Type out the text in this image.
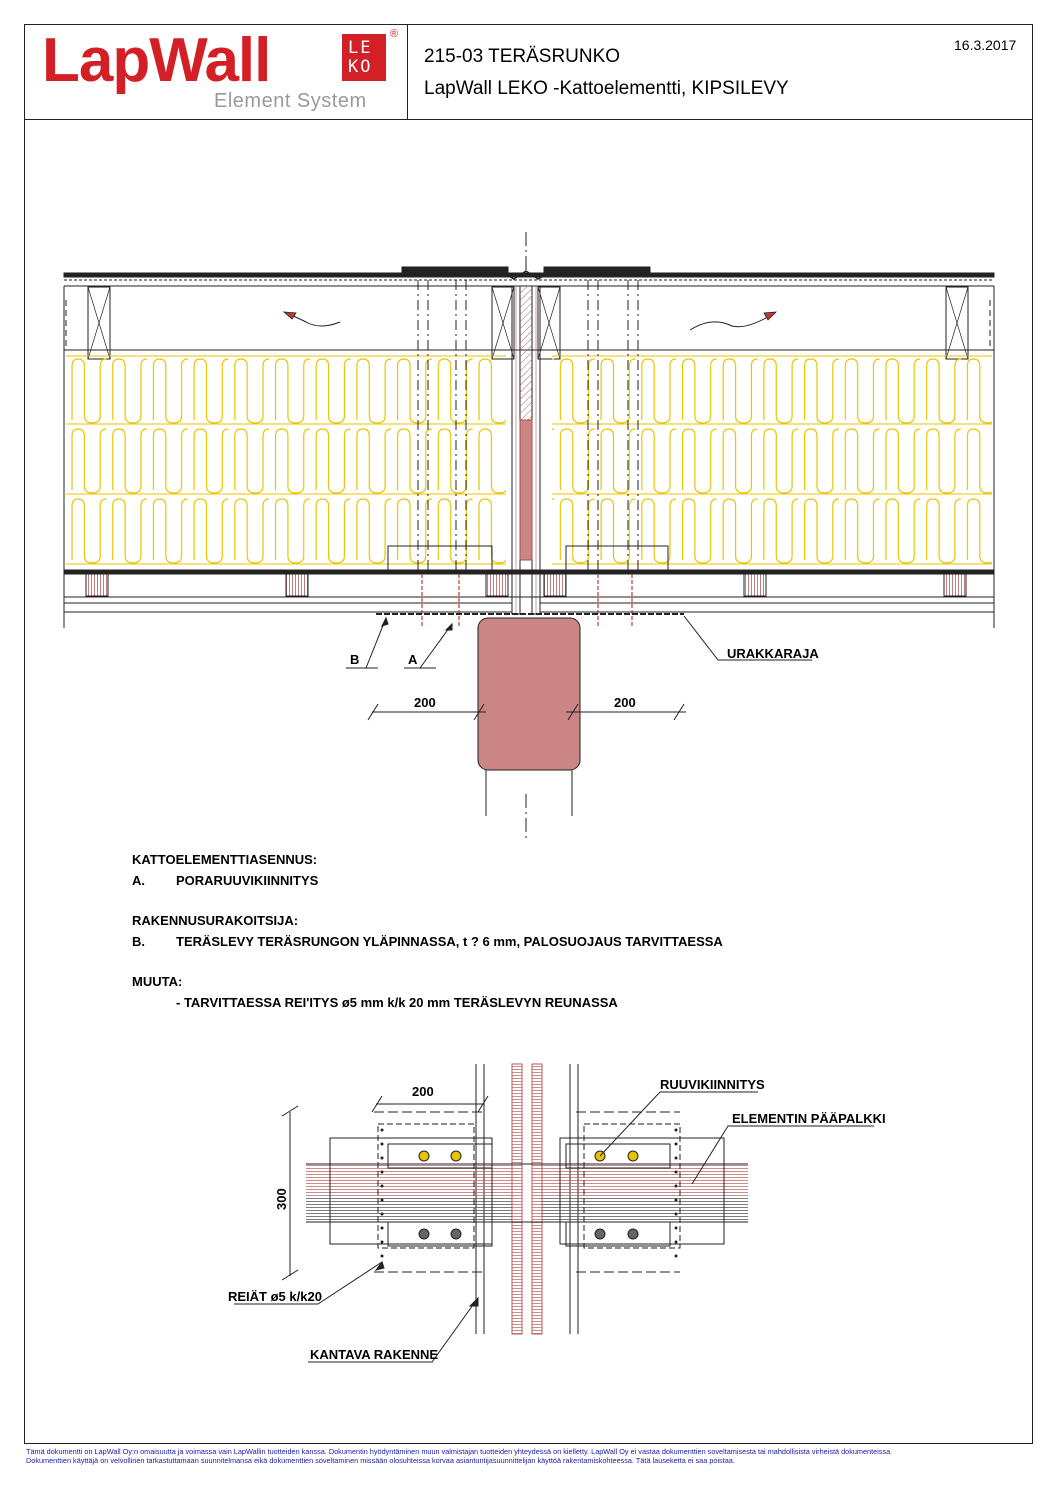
LapWall	LE
KO
®
Element System
215-03 TERÄSRUNKO
LapWall LEKO -Kattoelementti, KIPSILEVY
16.3.2017
B	A	URAKKARAJA
200	200
200
300
RUUVIKIINNITYS
ELEMENTIN PÄÄPALKKI
REIÄT ø5 k/k20
KANTAVA RAKENNE
KATTOELEMENTTIASENNUS:
A. PORARUUVIKIINNITYS
RAKENNUSURAKOITSIJA:
B. TERÄSLEVY TERÄSRUNGON YLÄPINNASSA, t ? 6 mm, PALOSUOJAUS TARVITTAESSA
MUUTA:
- TARVITTAESSA REI'ITYS ø5 mm k/k 20 mm TERÄSLEVYN REUNASSA
Tämä dokumentti on LapWall Oy:n omaisuutta ja voimassa vain LapWallin tuotteiden kanssa. Dokumentin hyödyntäminen muun valmistajan tuotteiden yhteydessä on kielletty. LapWall Oy ei vastaa dokumenttien soveltamisesta tai mahdollisista virheistä dokumenteissa.
Dokumenttien käyttäjä on velvollinen tarkastuttamaan suunnitelmansa eikä dokumenttien soveltaminen missään olosuhteissa korvaa asiantuntijasuunnittelijan käyttöä rakentamiskohteessa. Tätä lauseketta ei saa poistaa.
